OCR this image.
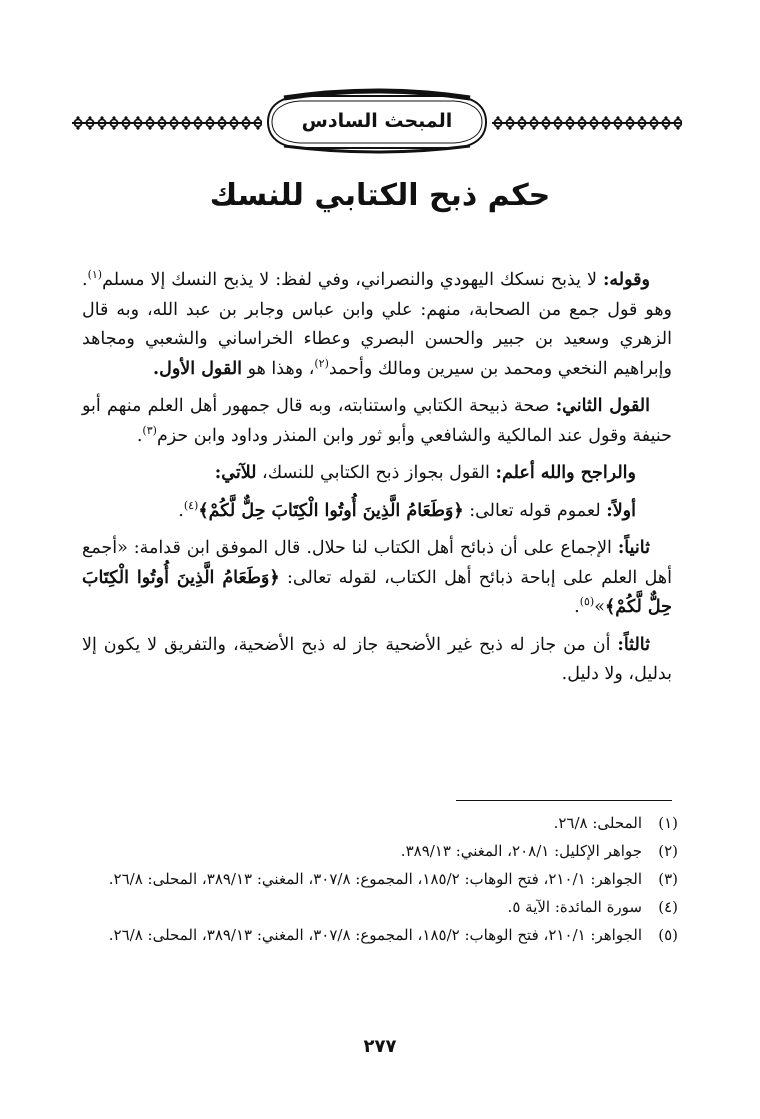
المبحث السادس
حكم ذبح الكتابي للنسك

وقوله: لا يذبح نسكك اليهودي والنصراني، وفي لفظ: لا يذبح النسك إلا مسلم$^{(١)}$. وهو قول جمع من الصحابة، منهم: علي وابن عباس وجابر بن عبد الله، وبه قال الزهري وسعيد بن جبير والحسن البصري وعطاء الخراساني والشعبي ومجاهد وإبراهيم النخعي ومحمد بن سيرين ومالك وأحمد$^{(٢)}$، وهذا هو القول الأول.

القول الثاني: صحة ذبيحة الكتابي واستنابته، وبه قال جمهور أهل العلم منهم أبو حنيفة وقول عند المالكية والشافعي وأبو ثور وابن المنذر وداود وابن حزم$^{(٣)}$.

والراجح والله أعلم: القول بجواز ذبح الكتابي للنسك، للآتي:

أولاً: لعموم قوله تعالى: ﴿وَطَعَامُ الَّذِينَ أُوتُوا الْكِتَابَ حِلٌّ لَّكُمْ﴾$^{(٤)}$.

ثانياً: الإجماع على أن ذبائح أهل الكتاب لنا حلال. قال الموفق ابن قدامة: «أجمع أهل العلم على إباحة ذبائح أهل الكتاب، لقوله تعالى: ﴿وَطَعَامُ الَّذِينَ أُوتُوا الْكِتَابَ حِلٌّ لَّكُمْ﴾»$^{(٥)}$.

ثالثاً: أن من جاز له ذبح غير الأضحية جاز له ذبح الأضحية، والتفريق لا يكون إلا بدليل، ولا دليل.

(١)
المحلى: ٢٦/٨.
(٢)
جواهر الإكليل: ٢٠٨/١، المغني: ٣٨٩/١٣.
(٣)
الجواهر: ٢١٠/١، فتح الوهاب: ١٨٥/٢، المجموع: ٣٠٧/٨، المغني: ٣٨٩/١٣، المحلى: ٢٦/٨.
(٤)
سورة المائدة: الآية ٥.
(٥)
الجواهر: ٢١٠/١، فتح الوهاب: ١٨٥/٢، المجموع: ٣٠٧/٨، المغني: ٣٨٩/١٣، المحلى: ٢٦/٨.
٢٧٧
